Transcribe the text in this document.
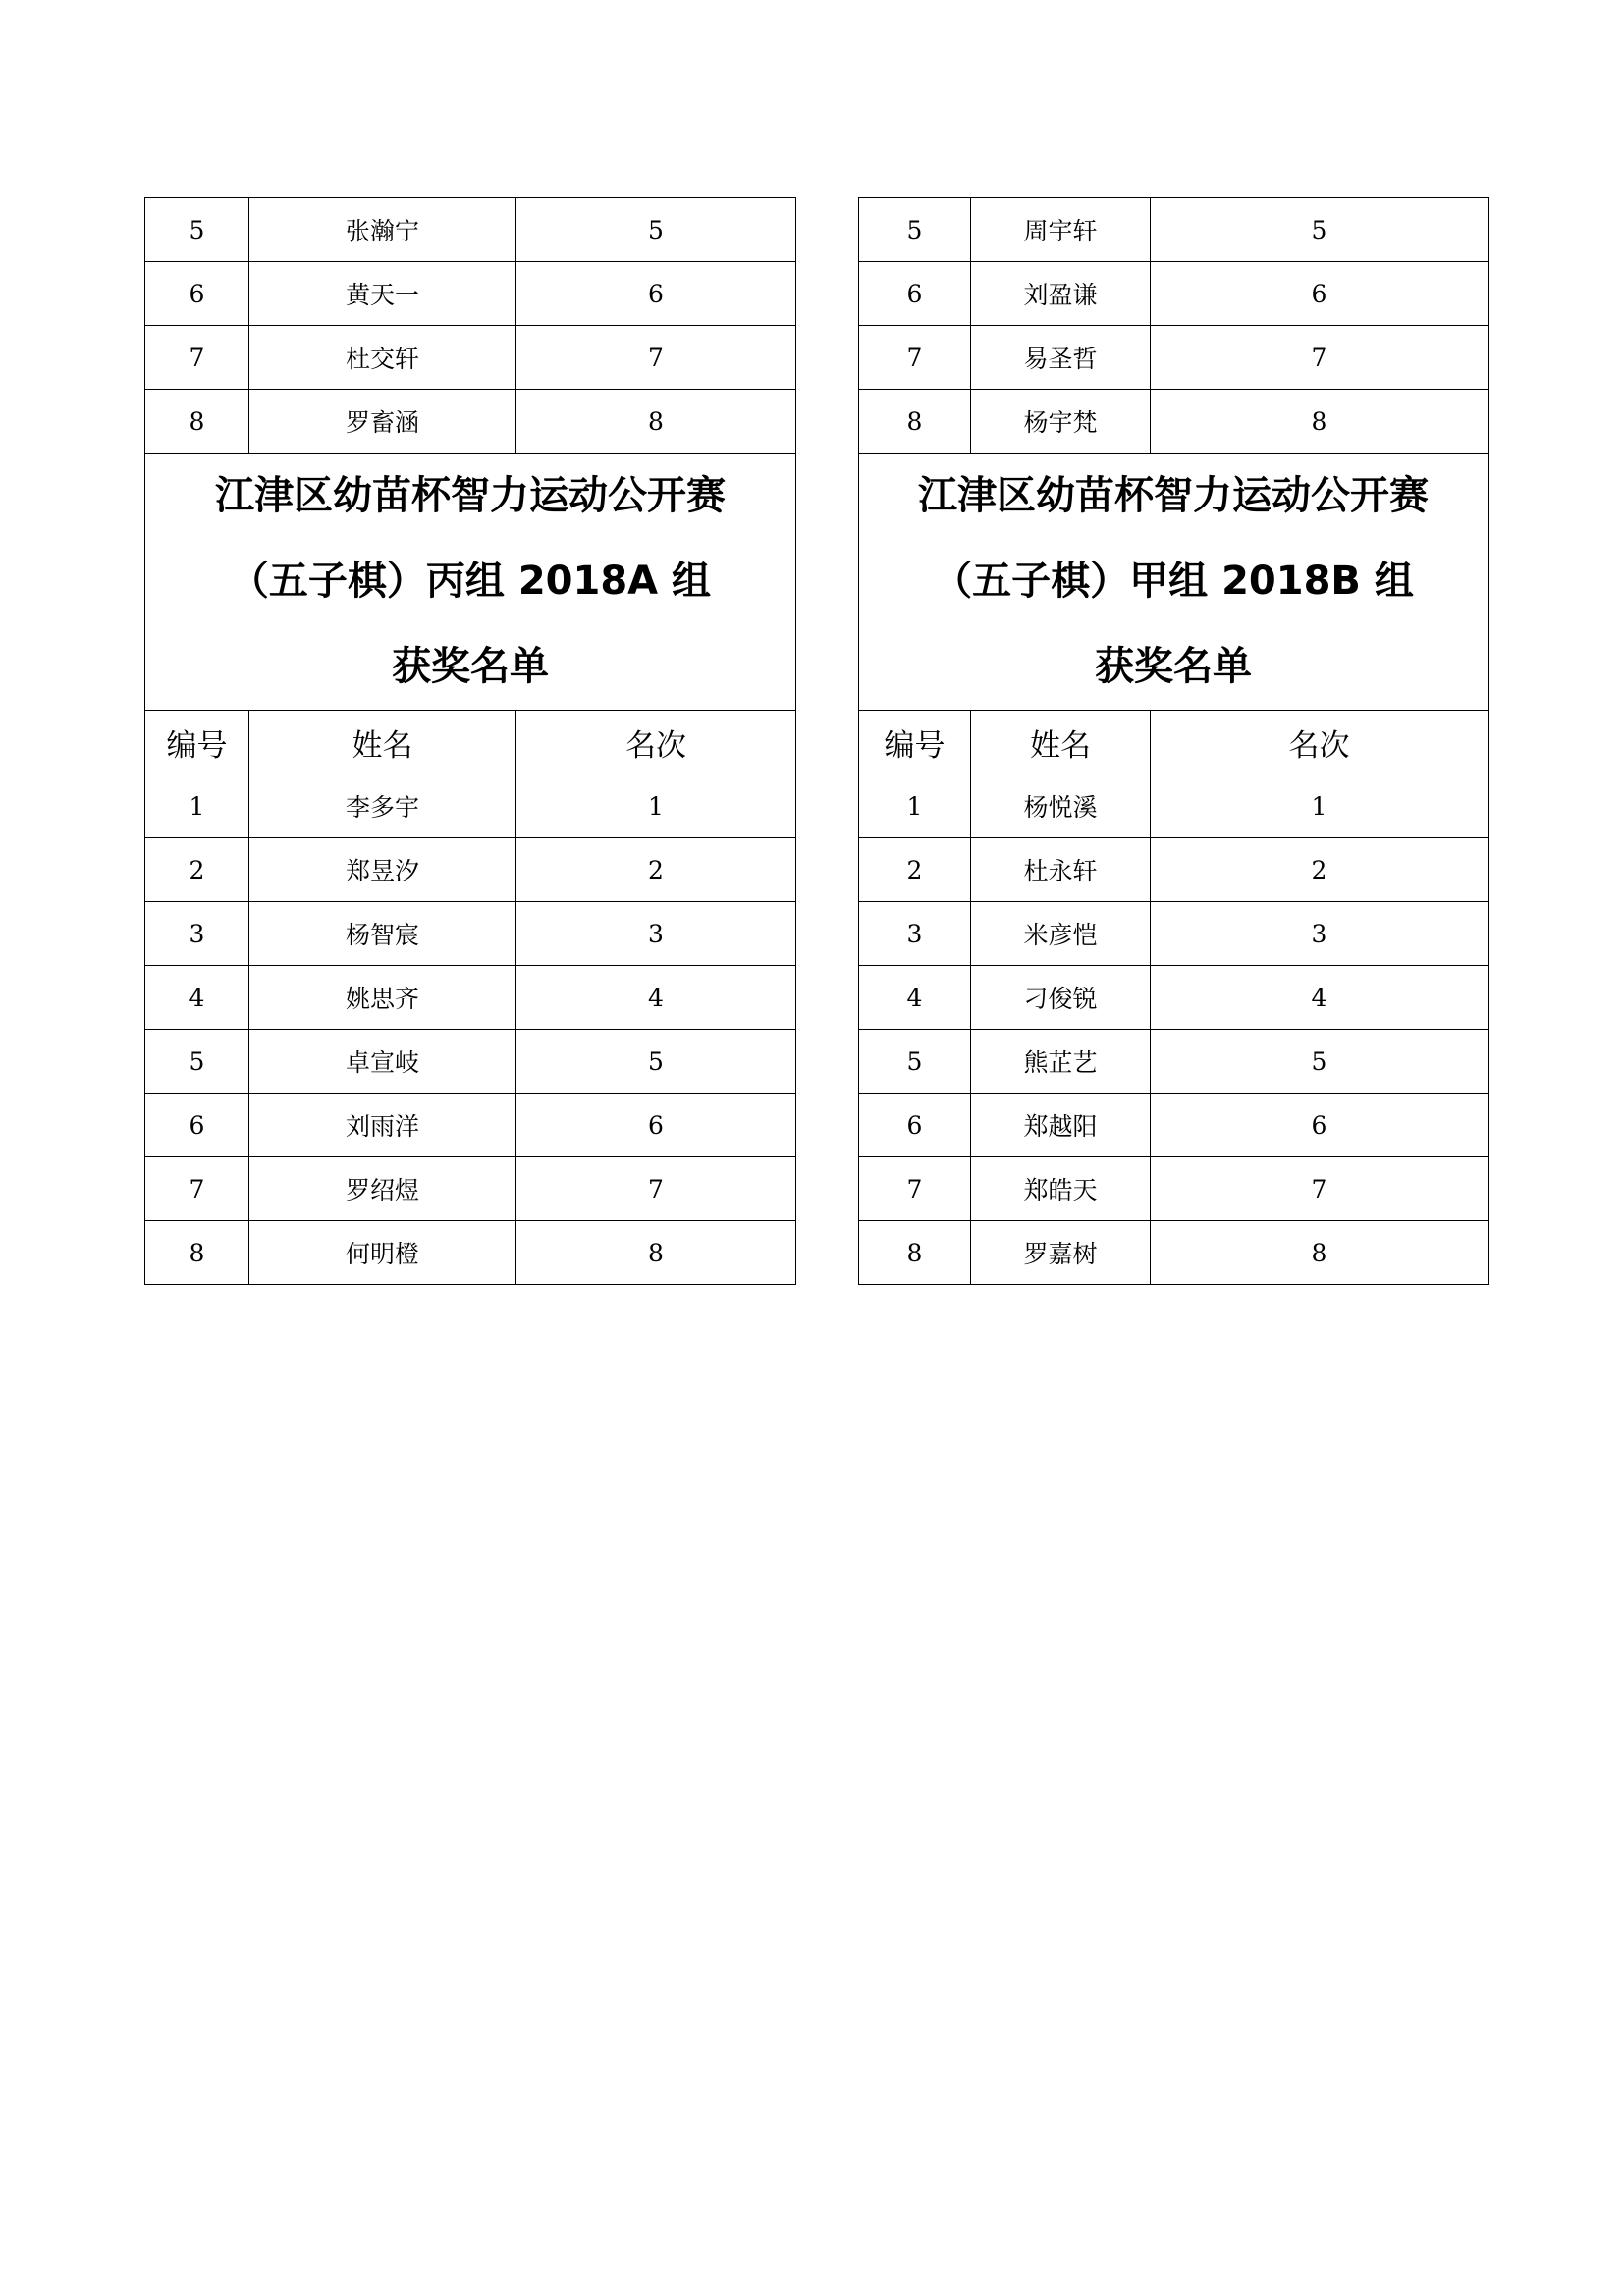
5	张瀚宁	5
6	黄天一	6
7	杜交轩	7
8	罗畜涵	8

江津区幼苗杯智力运动公开赛
（五子棋）丙组 2018A 组
获奖名单		

编号	姓名	名次
1	李多宇	1
2	郑昱汐	2
3	杨智宸	3
4	姚思齐	4
5	卓宣岐	5
6	刘雨洋	6
7	罗绍煜	7
8	何明橙	8
5	周宇轩	5
6	刘盈谦	6
7	易圣哲	7
8	杨宇梵	8

江津区幼苗杯智力运动公开赛
（五子棋）甲组 2018B 组
获奖名单		

编号	姓名	名次
1	杨悦溪	1
2	杜永轩	2
3	米彦恺	3
4	刁俊锐	4
5	熊芷艺	5
6	郑越阳	6
7	郑皓天	7
8	罗嘉树	8
